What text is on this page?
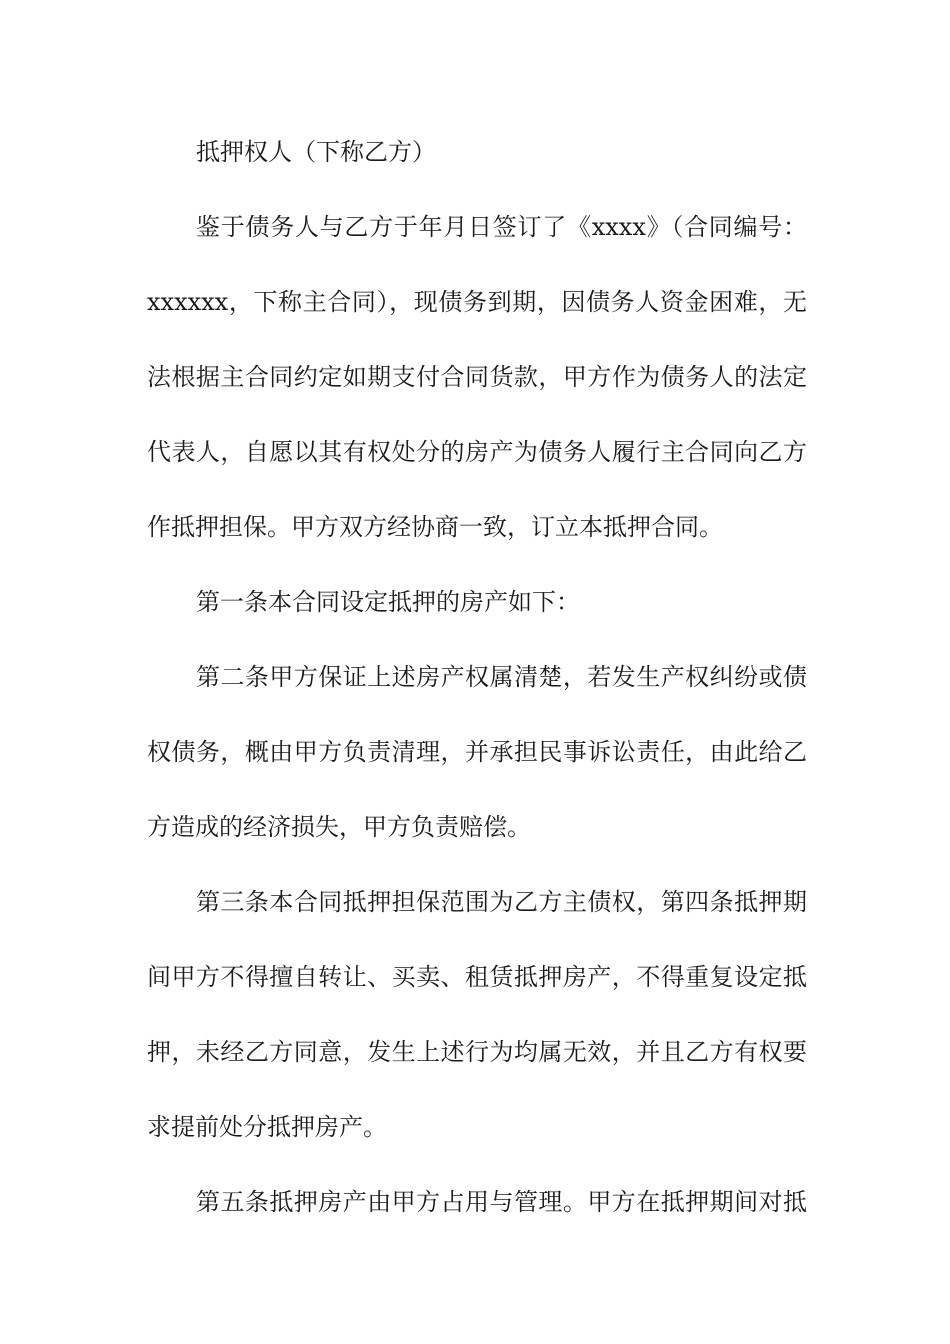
抵押权人（下称乙方）
鉴于债务人与乙方于年月日签订了《xxxx》（合同编号：
xxxxxx，下称主合同），现债务到期，因债务人资金困难，无
法根据主合同约定如期支付合同货款，甲方作为债务人的法定
代表人，自愿以其有权处分的房产为债务人履行主合同向乙方
作抵押担保。甲方双方经协商一致，订立本抵押合同。
第一条本合同设定抵押的房产如下：
第二条甲方保证上述房产权属清楚，若发生产权纠纷或债
权债务，概由甲方负责清理，并承担民事诉讼责任，由此给乙
方造成的经济损失，甲方负责赔偿。
第三条本合同抵押担保范围为乙方主债权，第四条抵押期
间甲方不得擅自转让、买卖、租赁抵押房产，不得重复设定抵
押，未经乙方同意，发生上述行为均属无效，并且乙方有权要
求提前处分抵押房产。
第五条抵押房产由甲方占用与管理。甲方在抵押期间对抵
